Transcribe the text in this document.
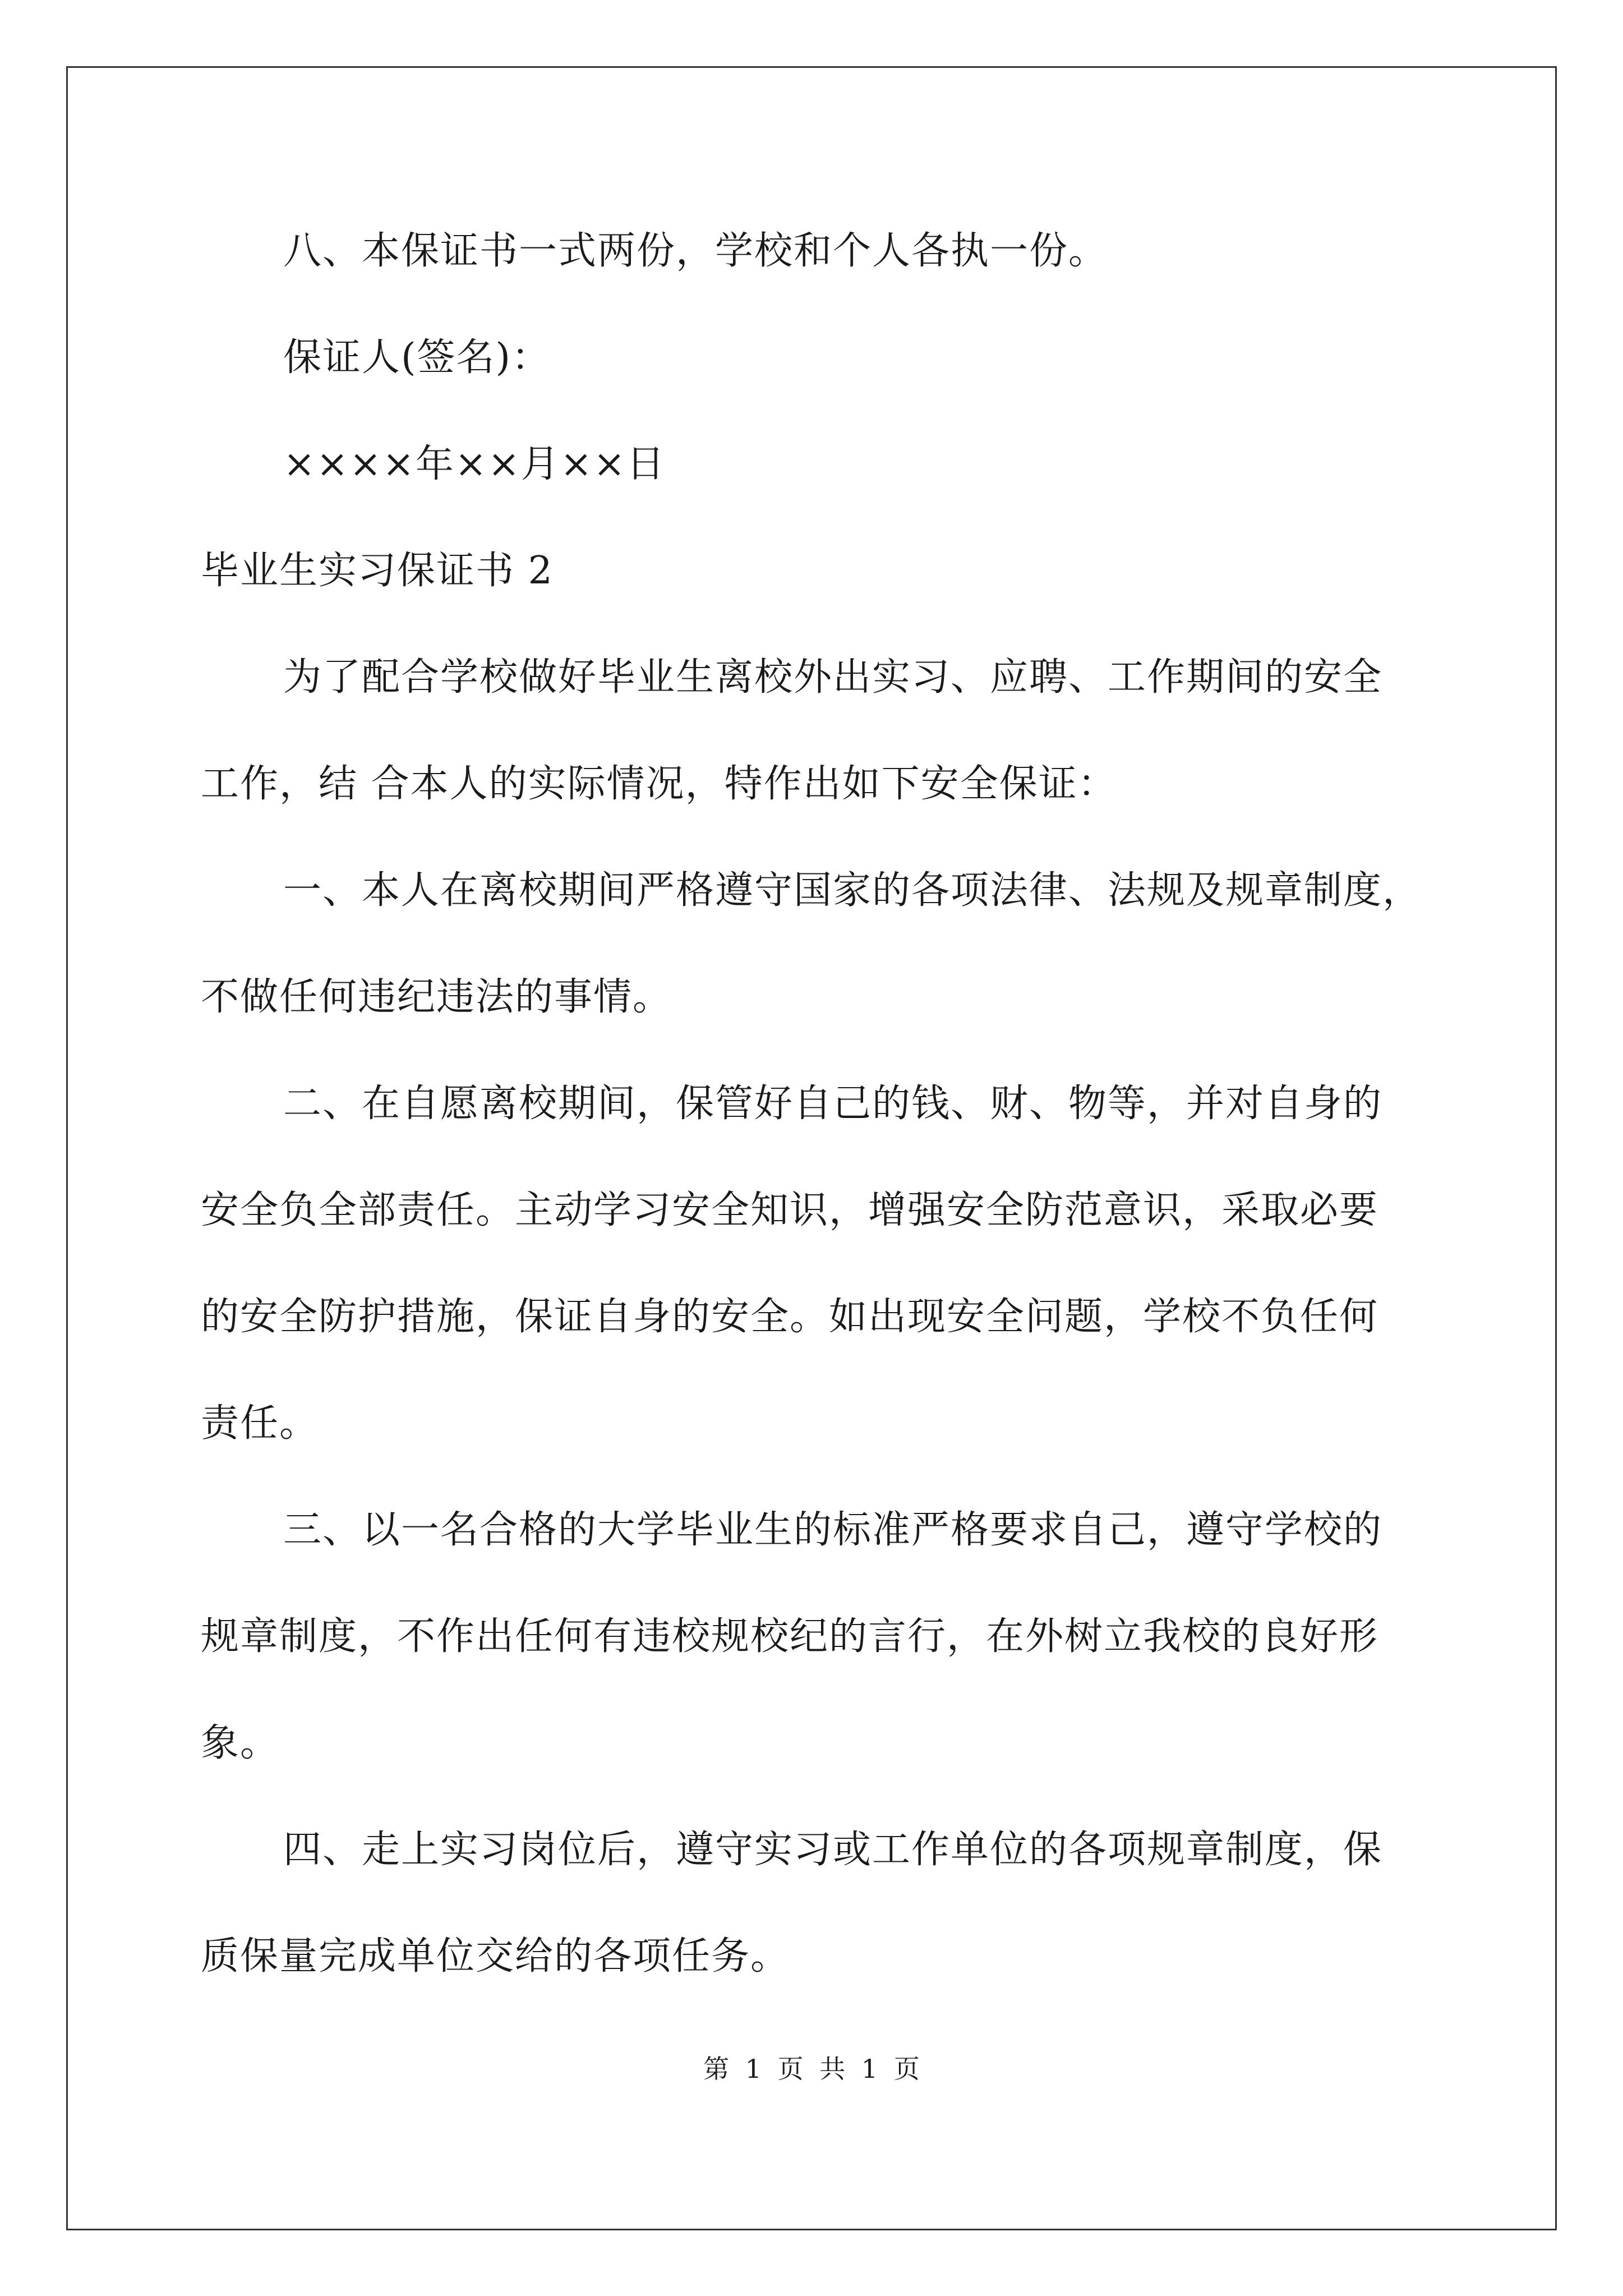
八、本保证书一式两份，学校和个人各执一份。
保证人(签名)：
××××年××月××日
毕业生实习保证书 2
为了配合学校做好毕业生离校外出实习、应聘、工作期间的安全
工作，结 合本人的实际情况，特作出如下安全保证：
一、本人在离校期间严格遵守国家的各项法律、法规及规章制度，
不做任何违纪违法的事情。
二、在自愿离校期间，保管好自己的钱、财、物等，并对自身的
安全负全部责任。主动学习安全知识，增强安全防范意识，采取必要
的安全防护措施，保证自身的安全。如出现安全问题，学校不负任何
责任。
三、以一名合格的大学毕业生的标准严格要求自己，遵守学校的
规章制度，不作出任何有违校规校纪的言行，在外树立我校的良好形
象。
四、走上实习岗位后，遵守实习或工作单位的各项规章制度，保
质保量完成单位交给的各项任务。
第 1 页 共 1 页
